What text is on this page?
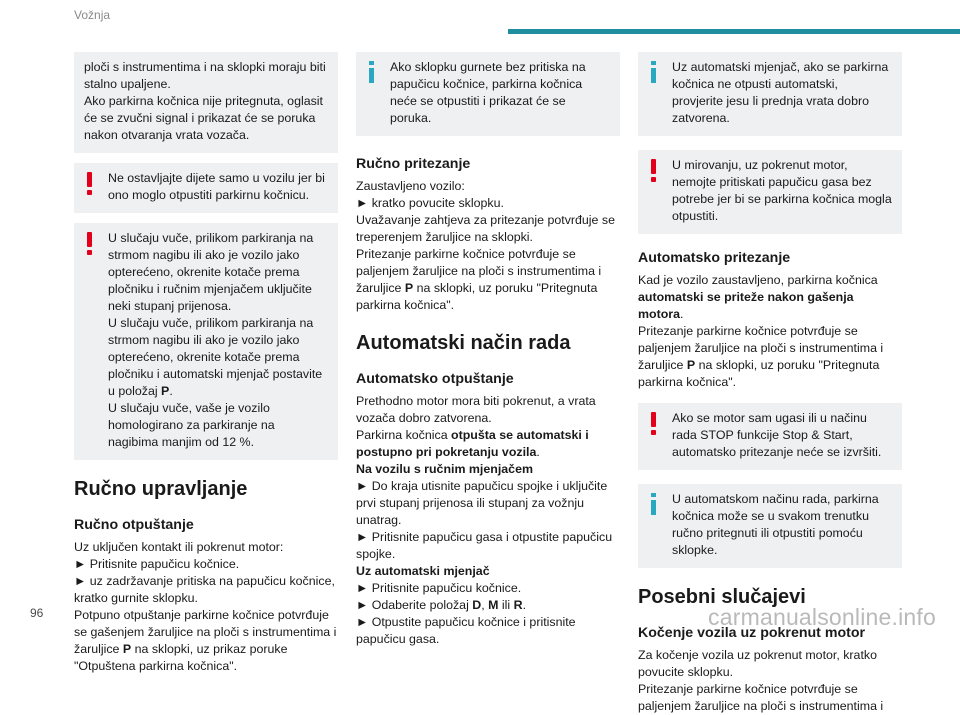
Vožnja

ploči s instrumentima i na sklopki moraju biti stalno upaljene.

Ako parkirna kočnica nije pritegnuta, oglasit će se zvučni signal i prikazat će se poruka nakon otvaranja vrata vozača.

Ne ostavljajte dijete samo u vozilu jer bi ono moglo otpustiti parkirnu kočnicu.

U slučaju vuče, prilikom parkiranja na strmom nagibu ili ako je vozilo jako opterećeno, okrenite kotače prema pločniku i ručnim mjenjačem uključite neki stupanj prijenosa.

U slučaju vuče, prilikom parkiranja na strmom nagibu ili ako je vozilo jako opterećeno, okrenite kotače prema pločniku i automatski mjenjač postavite u položaj P.

U slučaju vuče, vaše je vozilo homologirano za parkiranje na nagibima manjim od 12 %.

Ručno upravljanje
Ručno otpuštanje

Uz uključen kontakt ili pokrenut motor:

► Pritisnite papučicu kočnice.

► uz zadržavanje pritiska na papučicu kočnice, kratko gurnite sklopku.

Potpuno otpuštanje parkirne kočnice potvrđuje se gašenjem žaruljice na ploči s instrumentima i žaruljice P na sklopki, uz prikaz poruke "Otpuštena parkirna kočnica".

Ako sklopku gurnete bez pritiska na papučicu kočnice, parkirna kočnica neće se otpustiti i prikazat će se poruka.

Ručno pritezanje

Zaustavljeno vozilo:

► kratko povucite sklopku.

Uvažavanje zahtjeva za pritezanje potvrđuje se treperenjem žaruljice na sklopki.

Pritezanje parkirne kočnice potvrđuje se paljenjem žaruljice na ploči s instrumentima i žaruljice P na sklopki, uz poruku "Pritegnuta parkirna kočnica".

Automatski način rada
Automatsko otpuštanje

Prethodno motor mora biti pokrenut, a vrata vozača dobro zatvorena.

Parkirna kočnica otpušta se automatski i postupno pri pokretanju vozila.

Na vozilu s ručnim mjenjačem

► Do kraja utisnite papučicu spojke i uključite prvi stupanj prijenosa ili stupanj za vožnju unatrag.

► Pritisnite papučicu gasa i otpustite papučicu spojke.

Uz automatski mjenjač

► Pritisnite papučicu kočnice.

► Odaberite položaj D, M ili R.

► Otpustite papučicu kočnice i pritisnite papučicu gasa.

Uz automatski mjenjač, ako se parkirna kočnica ne otpusti automatski, provjerite jesu li prednja vrata dobro zatvorena.

U mirovanju, uz pokrenut motor, nemojte pritiskati papučicu gasa bez potrebe jer bi se parkirna kočnica mogla otpustiti.

Automatsko pritezanje

Kad je vozilo zaustavljeno, parkirna kočnica automatski se priteže nakon gašenja motora.

Pritezanje parkirne kočnice potvrđuje se paljenjem žaruljice na ploči s instrumentima i žaruljice P na sklopki, uz poruku "Pritegnuta parkirna kočnica".

Ako se motor sam ugasi ili u načinu rada STOP funkcije Stop & Start, automatsko pritezanje neće se izvršiti.

U automatskom načinu rada, parkirna kočnica može se u svakom trenutku ručno pritegnuti ili otpustiti pomoću sklopke.

Posebni slučajevi
Kočenje vozila uz pokrenut motor

Za kočenje vozila uz pokrenut motor, kratko povucite sklopku.

Pritezanje parkirne kočnice potvrđuje se paljenjem žaruljice na ploči s instrumentima i

96	carmanualsonline.info
